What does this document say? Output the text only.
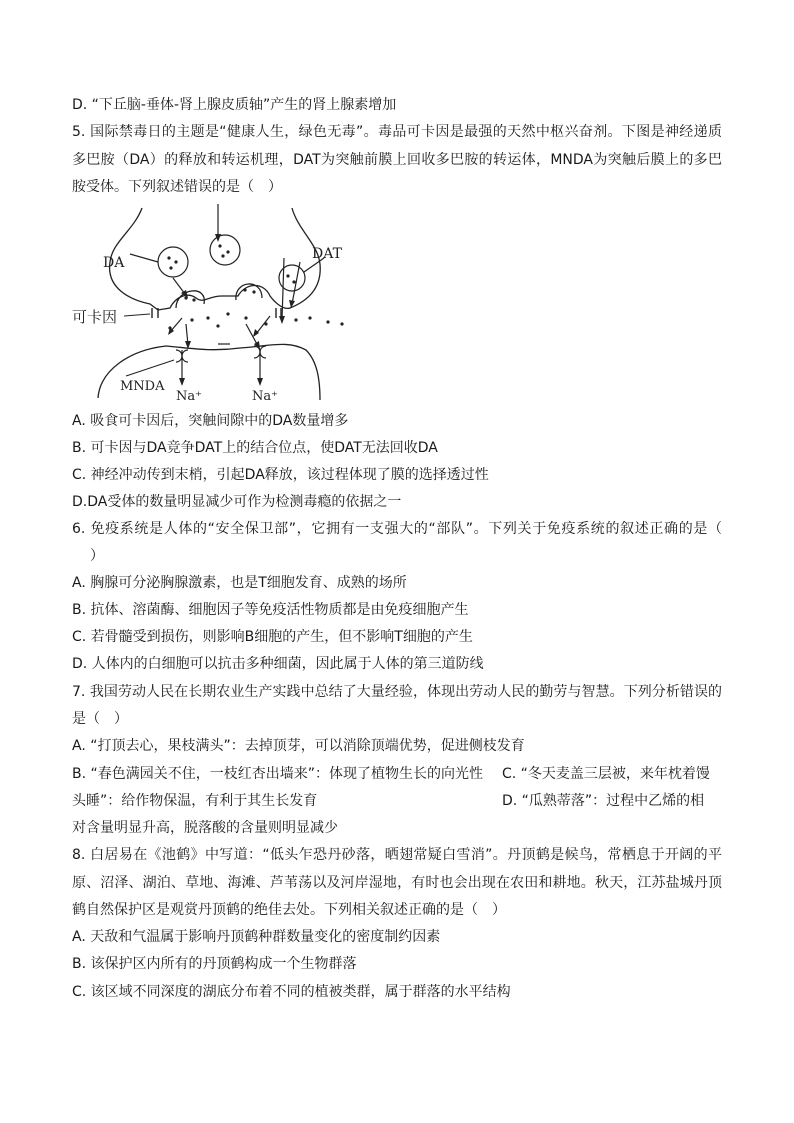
D. “下丘脑-垂体-肾上腺皮质轴”产生的肾上腺素增加
5. 国际禁毒日的主题是“健康人生，绿色无毒”。毒品可卡因是最强的天然中枢兴奋剂。下图是神经递质
多巴胺（DA）的释放和转运机理，DAT为突触前膜上回收多巴胺的转运体，MNDA为突触后膜上的多巴
胺受体。下列叙述错误的是（　）
DA
DAT
可卡因
MNDA
Na⁺	Na⁺
A. 吸食可卡因后，突触间隙中的DA数量增多
B. 可卡因与DA竞争DAT上的结合位点，使DAT无法回收DA
C. 神经冲动传到末梢，引起DA释放，该过程体现了膜的选择透过性
D.DA受体的数量明显减少可作为检测毒瘾的依据之一
6. 免疫系统是人体的“安全保卫部”，它拥有一支强大的“部队”。下列关于免疫系统的叙述正确的是（
）
A. 胸腺可分泌胸腺激素，也是T细胞发育、成熟的场所
B. 抗体、溶菌酶、细胞因子等免疫活性物质都是由免疫细胞产生
C. 若骨髓受到损伤，则影响B细胞的产生，但不影响T细胞的产生
D. 人体内的白细胞可以抗击多种细菌，因此属于人体的第三道防线
7. 我国劳动人民在长期农业生产实践中总结了大量经验，体现出劳动人民的勤劳与智慧。下列分析错误的
是（　）
A. “打顶去心，果枝满头”：去掉顶芽，可以消除顶端优势，促进侧枝发育
B. “春色满园关不住，一枝红杏出墙来”：体现了植物生长的向光性	C. “冬天麦盖三层被，来年枕着馒
头睡”：给作物保温，有利于其生长发育	D. “瓜熟蒂落”：过程中乙烯的相
对含量明显升高，脱落酸的含量则明显减少
8. 白居易在《池鹤》中写道：“低头乍恐丹砂落，晒翅常疑白雪消”。丹顶鹤是候鸟，常栖息于开阔的平
原、沼泽、湖泊、草地、海滩、芦苇荡以及河岸湿地，有时也会出现在农田和耕地。秋天，江苏盐城丹顶
鹤自然保护区是观赏丹顶鹤的绝佳去处。下列相关叙述正确的是（　）
A. 天敌和气温属于影响丹顶鹤种群数量变化的密度制约因素
B. 该保护区内所有的丹顶鹤构成一个生物群落
C. 该区域不同深度的湖底分布着不同的植被类群，属于群落的水平结构
